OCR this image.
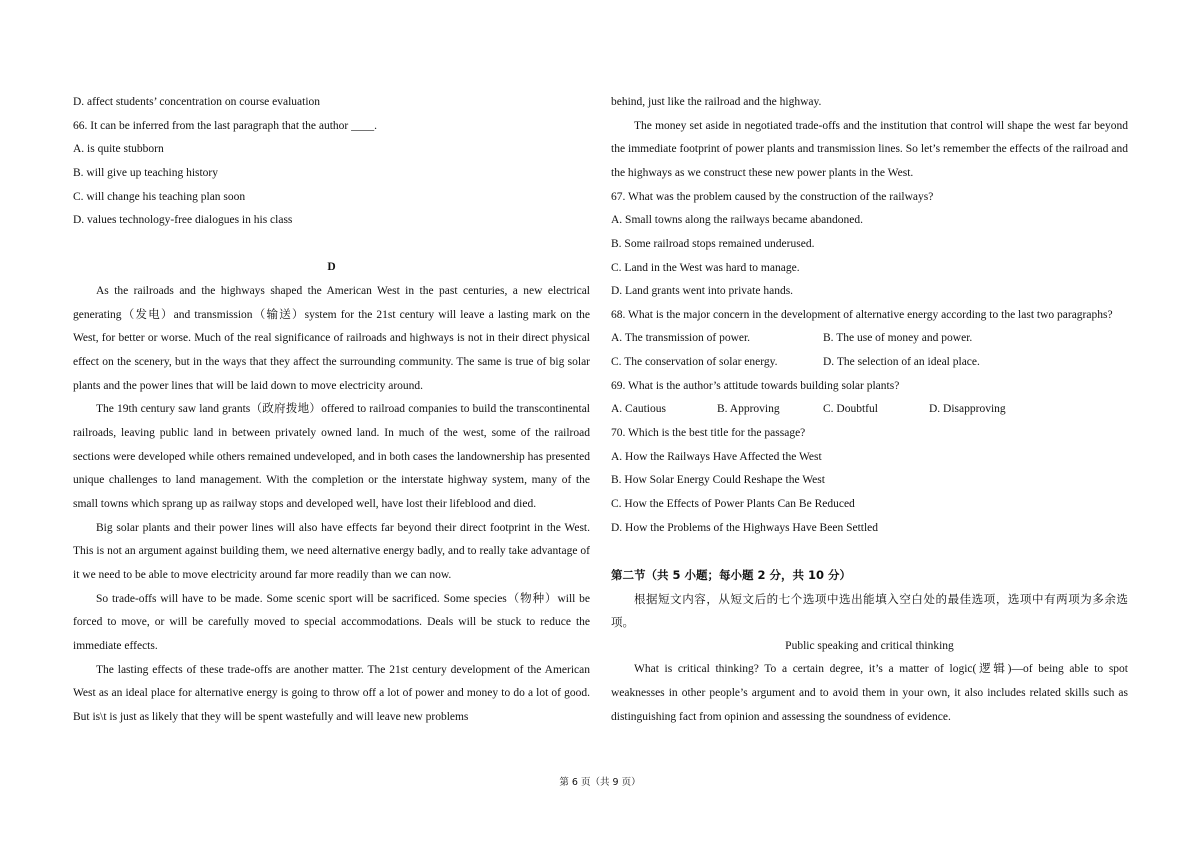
D. affect students’ concentration on course evaluation
66. It can be inferred from the last paragraph that the author ____.
A. is quite stubborn
B. will give up teaching history
C. will change his teaching plan soon
D. values technology-free dialogues in his class
D
As the railroads and the highways shaped the American West in the past centuries, a new electrical generating（发电）and transmission（输送）system for the 21st century will leave a lasting mark on the West, for better or worse. Much of the real significance of railroads and highways is not in their direct physical effect on the scenery, but in the ways that they affect the surrounding community. The same is true of big solar plants and the power lines that will be laid down to move electricity around.
The 19th century saw land grants（政府拨地）offered to railroad companies to build the transcontinental railroads, leaving public land in between privately owned land. In much of the west, some of the railroad sections were developed while others remained undeveloped, and in both cases the landownership has presented unique challenges to land management. With the completion or the interstate highway system, many of the small towns which sprang up as railway stops and developed well, have lost their lifeblood and died.
Big solar plants and their power lines will also have effects far beyond their direct footprint in the West. This is not an argument against building them, we need alternative energy badly, and to really take advantage of it we need to be able to move electricity around far more readily than we can now.
So trade-offs will have to be made. Some scenic sport will be sacrificed. Some species（物种）will be forced to move, or will be carefully moved to special accommodations. Deals will be stuck to reduce the immediate effects.
The lasting effects of these trade-offs are another matter. The 21st century development of the American West as an ideal place for alternative energy is going to throw off a lot of power and money to do a lot of good. But is\t is just as likely that they will be spent wastefully and will leave new problems
behind, just like the railroad and the highway.
The money set aside in negotiated trade-offs and the institution that control will shape the west far beyond the immediate footprint of power plants and transmission lines. So let’s remember the effects of the railroad and the highways as we construct these new power plants in the West.
67. What was the problem caused by the construction of the railways?
A. Small towns along the railways became abandoned.
B. Some railroad stops remained underused.
C. Land in the West was hard to manage.
D. Land grants went into private hands.
68. What is the major concern in the development of alternative energy according to the last two paragraphs?
A. The transmission of power.	B. The use of money and power.
C. The conservation of solar energy.	D. The selection of an ideal place.
69. What is the author’s attitude towards building solar plants?
A. Cautious	B. Approving	C. Doubtful	D. Disapproving
70. Which is the best title for the passage?
A. How the Railways Have Affected the West
B. How Solar Energy Could Reshape the West
C. How the Effects of Power Plants Can Be Reduced
D. How the Problems of the Highways Have Been Settled
第二节（共 5 小题；每小题 2 分，共 10 分）
根据短文内容，从短文后的七个选项中选出能填入空白处的最佳选项，选项中有两项为多余选项。
Public speaking and critical thinking
What is critical thinking? To a certain degree, it’s a matter of logic(逻辑)—of being able to spot weaknesses in other people’s argument and to avoid them in your own, it also includes related skills such as distinguishing fact from opinion and assessing the soundness of evidence.
第 6 页（共 9 页）
